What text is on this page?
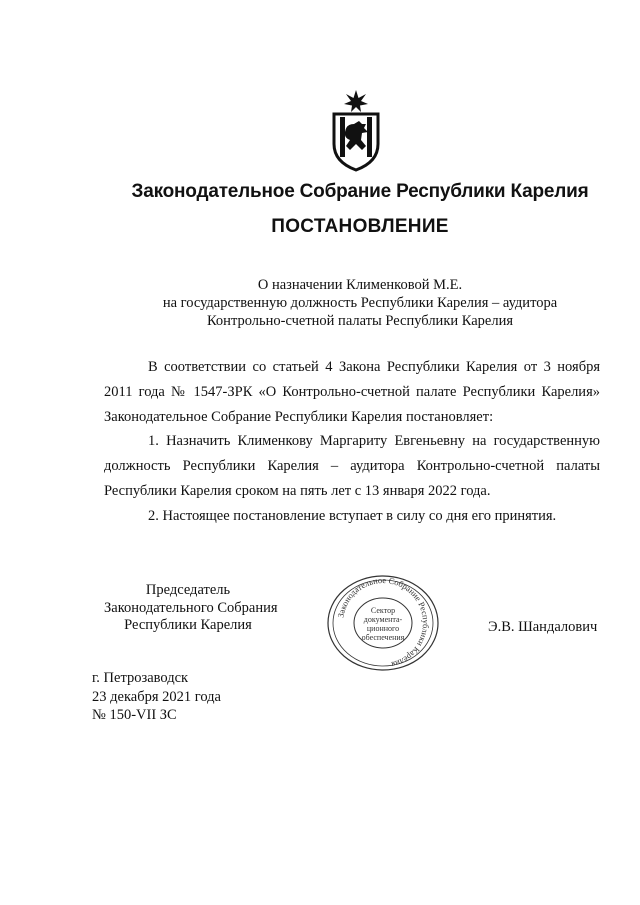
Законодательное Собрание Республики Карелия
ПОСТАНОВЛЕНИЕ
О назначении Клименковой М.Е.
на государственную должность Республики Карелия – аудитора
Контрольно-счетной палаты Республики Карелия

В соответствии со статьей 4 Закона Республики Карелия от 3 ноября 2011 года № 1547-ЗРК «О Контрольно-счетной палате Республики Карелия» Законодательное Собрание Республики Карелия постановляет:

1. Назначить Клименкову Маргариту Евгеньевну на государственную должность Республики Карелия – аудитора Контрольно-счетной палаты Республики Карелия сроком на пять лет с 13 января 2022 года.

2. Настоящее постановление вступает в силу со дня его принятия.

Председатель
Законодательного Собрания
Республики Карелия
Законодательное Собрание Республики Карелия
Сектор
документа-
ционного
обеспечения
Э.В. Шандалович
г. Петрозаводск
23 декабря 2021 года
№ 150-VII ЗС
